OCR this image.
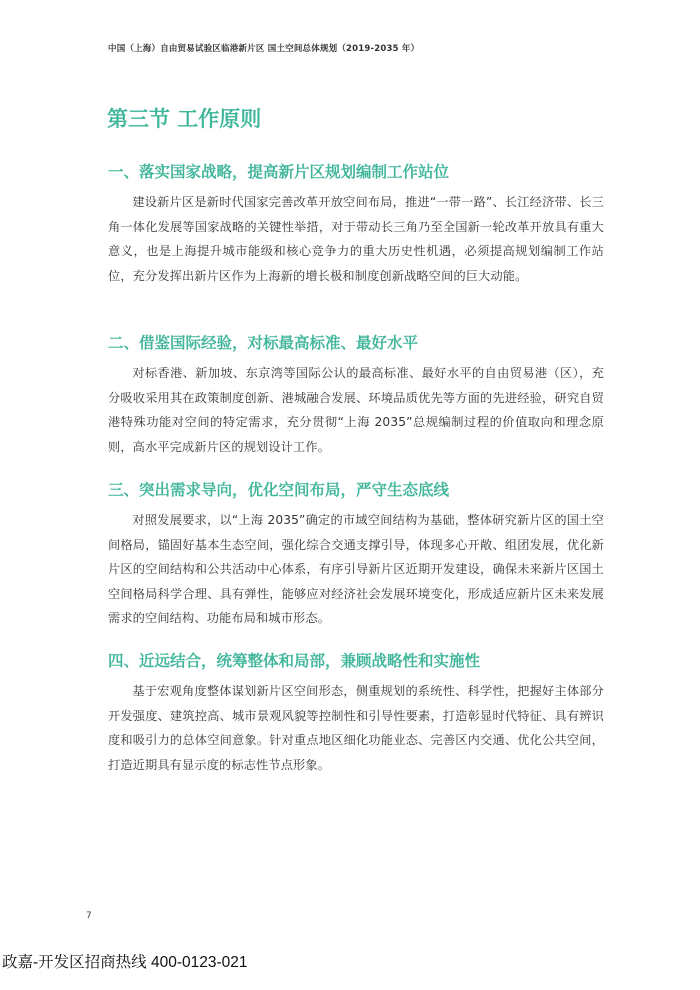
中国（上海）自由贸易试验区临港新片区 国土空间总体规划（2019-2035 年）
第三节 工作原则
一、落实国家战略，提高新片区规划编制工作站位
建设新片区是新时代国家完善改革开放空间布局，推进“一带一路”、长江经济带、长三角一体化发展等国家战略的关键性举措，对于带动长三角乃至全国新一轮改革开放具有重大意义，也是上海提升城市能级和核心竞争力的重大历史性机遇，必须提高规划编制工作站位，充分发挥出新片区作为上海新的增长极和制度创新战略空间的巨大动能。
二、借鉴国际经验，对标最高标准、最好水平
对标香港、新加坡、东京湾等国际公认的最高标准、最好水平的自由贸易港（区），充分吸收采用其在政策制度创新、港城融合发展、环境品质优先等方面的先进经验，研究自贸港特殊功能对空间的特定需求，充分贯彻“上海 2035”总规编制过程的价值取向和理念原则，高水平完成新片区的规划设计工作。
三、突出需求导向，优化空间布局，严守生态底线
对照发展要求，以“上海 2035”确定的市域空间结构为基础，整体研究新片区的国土空间格局，锚固好基本生态空间，强化综合交通支撑引导，体现多心开敞、组团发展，优化新片区的空间结构和公共活动中心体系，有序引导新片区近期开发建设，确保未来新片区国土空间格局科学合理、具有弹性，能够应对经济社会发展环境变化，形成适应新片区未来发展需求的空间结构、功能布局和城市形态。
四、近远结合，统筹整体和局部，兼顾战略性和实施性
基于宏观角度整体谋划新片区空间形态，侧重规划的系统性、科学性，把握好主体部分开发强度、建筑控高、城市景观风貌等控制性和引导性要素，打造彰显时代特征、具有辨识度和吸引力的总体空间意象。针对重点地区细化功能业态、完善区内交通、优化公共空间，打造近期具有显示度的标志性节点形象。
7
政嘉-开发区招商热线 400-0123-021
